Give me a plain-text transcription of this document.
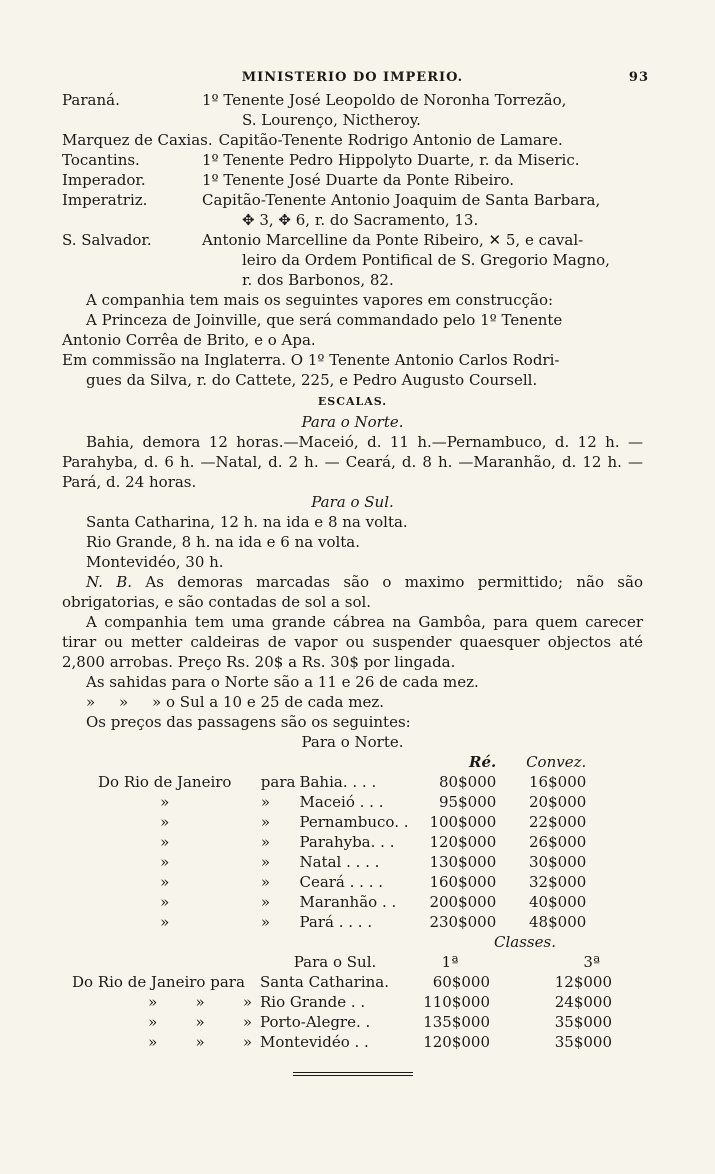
MINISTERIO DO IMPERIO.	93
Paraná.	1º Tenente José Leopoldo de Noronha Torrezão,
S. Lourenço, Nictheroy.
Marquez de Caxias. Capitão-Tenente Rodrigo Antonio de Lamare.
Tocantins.	1º Tenente Pedro Hippolyto Duarte, r. da Miseric.
Imperador.	1º Tenente José Duarte da Ponte Ribeiro.
Imperatriz.	Capitão-Tenente Antonio Joaquim de Santa Barbara,
✥ 3, ✥ 6, r. do Sacramento, 13.
S. Salvador.	Antonio Marcelline da Ponte Ribeiro, ✕ 5, e caval-
leiro da Ordem Pontifical de S. Gregorio Magno,
r. dos Barbonos, 82.
A companhia tem mais os seguintes vapores em construcção:
A Princeza de Joinville, que será commandado pelo 1º Tenente
Antonio Corrêa de Brito, e o Apa.
Em commissão na Inglaterra. O 1º Tenente Antonio Carlos Rodri-
gues da Silva, r. do Cattete, 225, e Pedro Augusto Coursell.
ESCALAS.
Para o Norte.
Bahia, demora 12 horas.—Maceió, d. 11 h.—Pernambuco, d. 12 h. —Parahyba, d. 6 h. —Natal, d. 2 h. — Ceará, d. 8 h. —Maranhão, d. 12 h. —Pará, d. 24 horas.
Para o Sul.
Santa Catharina, 12 h. na ida e 8 na volta.
Rio Grande, 8 h. na ida e 6 na volta.
Montevidéo, 30 h.
N. B. As demoras marcadas são o maximo permittido; não são obrigatorias, e são contadas de sol a sol.
A companhia tem uma grande cábrea na Gambôa, para quem carecer tirar ou metter caldeiras de vapor ou suspender quaesquer objectos até 2,800 arrobas. Preço Rs. 20$ a Rs. 30$ por lingada.
As sahidas para o Norte são a 11 e 26 de cada mez.
»     »     » o Sul a 10 e 25 de cada mez.
Os preços das passagens são os seguintes:
Para o Norte.
			Ré.	Convez.
Do Rio de Janeiro	para	Bahia. . . .	80$000	16$000
»	»	Maceió . . .	95$000	20$000
»	»	Pernambuco. .	100$000	22$000
»	»	Parahyba. . .	120$000	26$000
»	»	Natal . . . .	130$000	30$000
»	»	Ceará . . . .	160$000	32$000
»	»	Maranhão . .	200$000	40$000
»	»	Pará . . . .	230$000	48$000
Classes.
	Para o Sul.	1ª	3ª
Do Rio de Janeiro para	Santa Catharina.	60$000	12$000
»        »        »	Rio Grande . .	110$000	24$000
»        »        »	Porto-Alegre. .	135$000	35$000
»        »        »	Montevidéo . .	120$000	35$000
